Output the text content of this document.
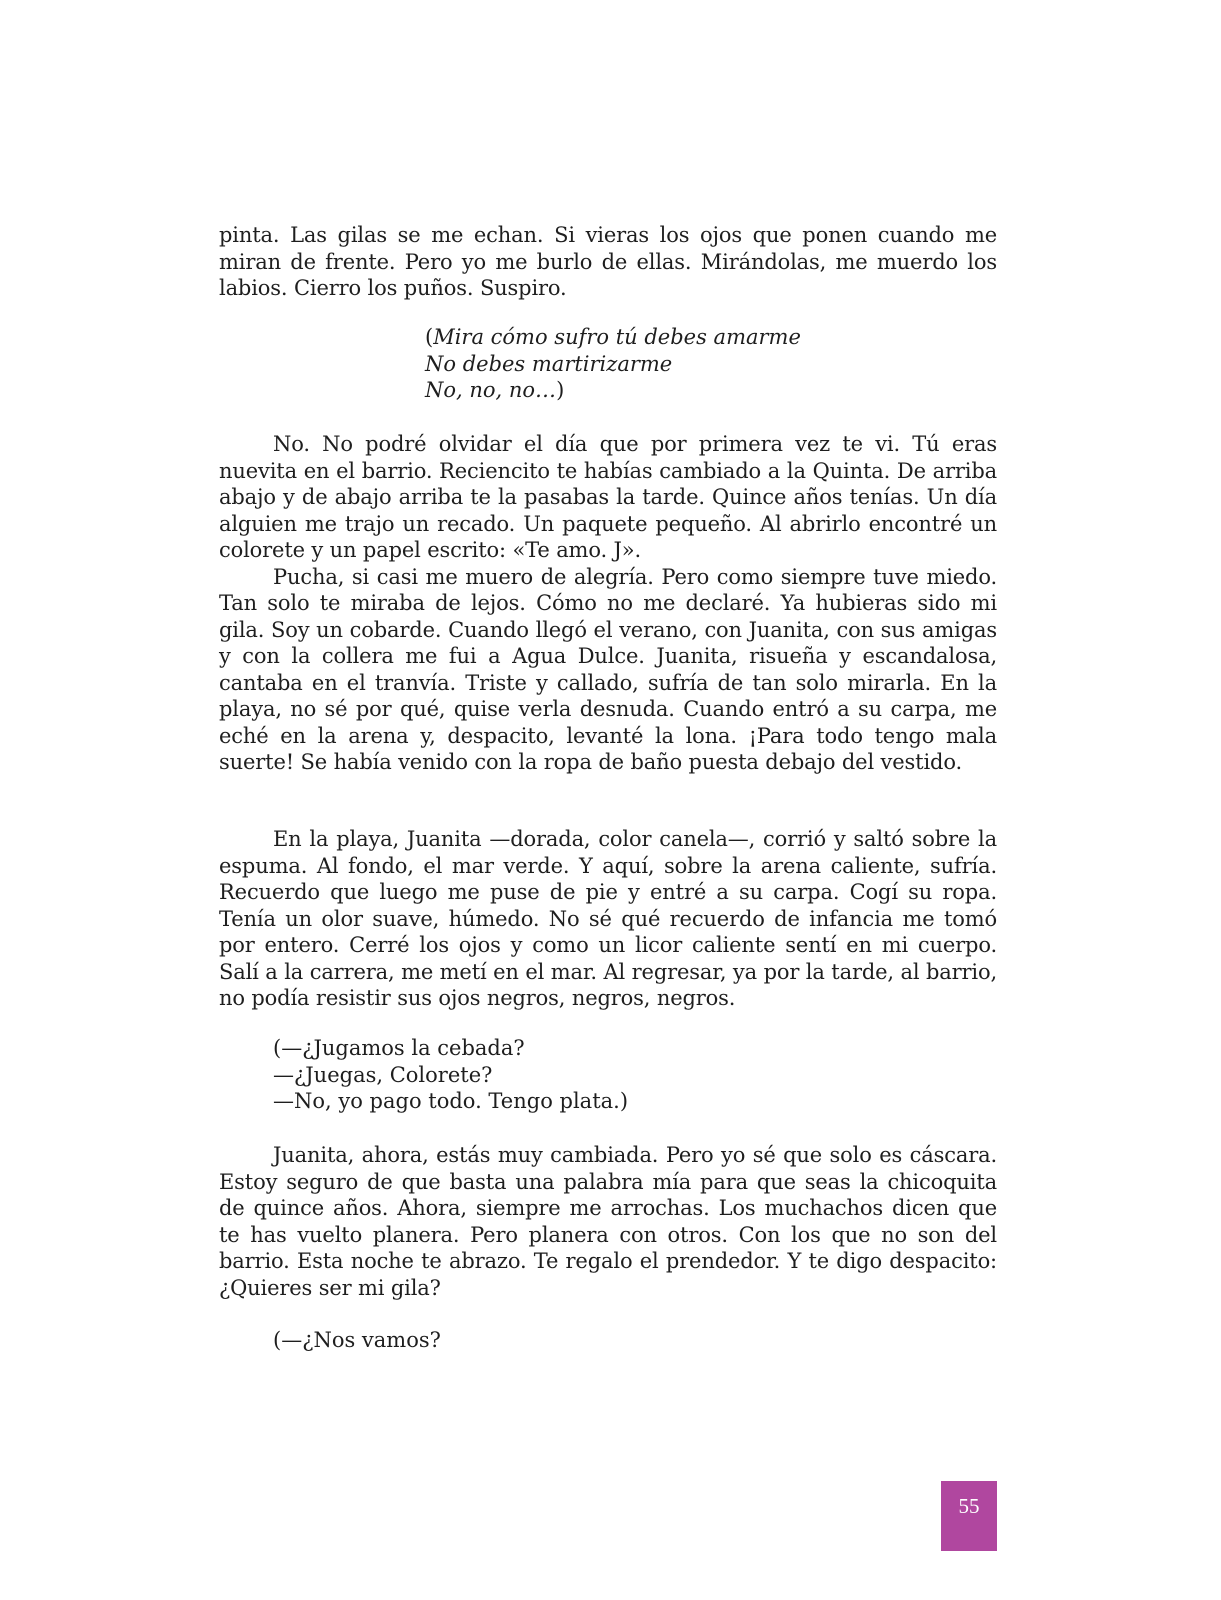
pinta. Las gilas se me echan. Si vieras los ojos que ponen cuando me miran de frente. Pero yo me burlo de ellas. Mirándolas, me muerdo los labios. Cierro los puños. Suspiro.

(Mira cómo sufro tú debes amarme
No debes martirizarme
No, no, no…)

No. No podré olvidar el día que por primera vez te vi. Tú eras nuevita en el barrio. Reciencito te habías cambiado a la Quinta. De arriba abajo y de abajo arriba te la pasabas la tarde. Quince años tenías. Un día alguien me trajo un recado. Un paquete pequeño. Al abrirlo encontré un colorete y un papel escrito: «Te amo. J».

Pucha, si casi me muero de alegría. Pero como siempre tuve miedo. Tan solo te miraba de lejos. Cómo no me declaré. Ya hubieras sido mi gila. Soy un cobarde. Cuando llegó el verano, con Juanita, con sus amigas y con la collera me fui a Agua Dulce. Juanita, risueña y escandalosa, cantaba en el tranvía. Triste y callado, sufría de tan solo mirarla. En la playa, no sé por qué, quise verla desnuda. Cuando entró a su carpa, me eché en la arena y, despacito, levanté la lona. ¡Para todo tengo mala suerte! Se había venido con la ropa de baño puesta debajo del vestido.

En la playa, Juanita —dorada, color canela—, corrió y saltó sobre la espuma. Al fondo, el mar verde. Y aquí, sobre la arena caliente, sufría. Recuerdo que luego me puse de pie y entré a su carpa. Cogí su ropa. Tenía un olor suave, húmedo. No sé qué recuerdo de infancia me tomó por entero. Cerré los ojos y como un licor caliente sentí en mi cuerpo. Salí a la carrera, me metí en el mar. Al regresar, ya por la tarde, al barrio, no podía resistir sus ojos negros, negros, negros.

(—¿Jugamos la cebada?
—¿Juegas, Colorete?
—No, yo pago todo. Tengo plata.)

Juanita, ahora, estás muy cambiada. Pero yo sé que solo es cáscara. Estoy seguro de que basta una palabra mía para que seas la chicoquita de quince años. Ahora, siempre me arrochas. Los muchachos dicen que te has vuelto planera. Pero planera con otros. Con los que no son del barrio. Esta noche te abrazo. Te regalo el prendedor. Y te digo despacito: ¿Quieres ser mi gila?

(—¿Nos vamos?
55
